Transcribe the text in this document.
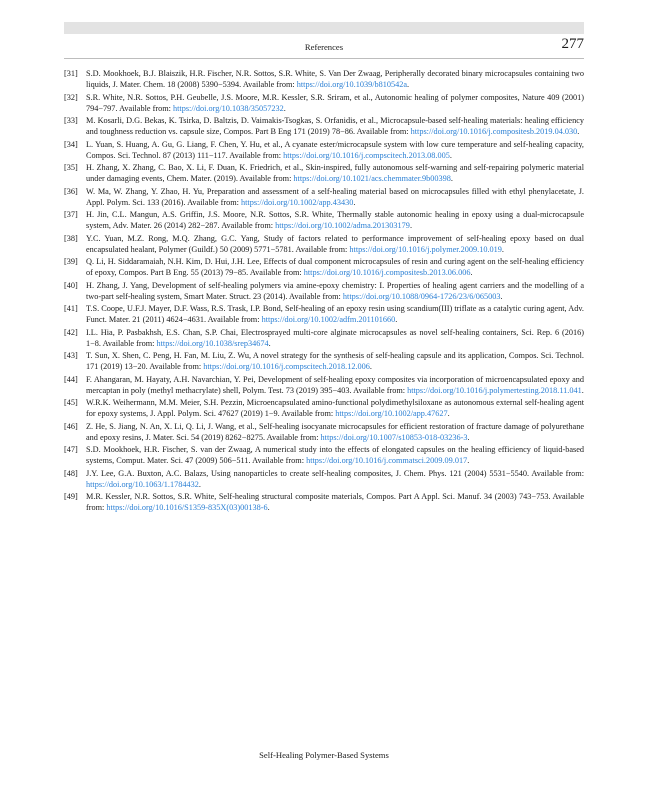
References	277
[31] S.D. Mookhoek, B.J. Blaiszik, H.R. Fischer, N.R. Sottos, S.R. White, S. Van Der Zwaag, Peripherally decorated binary microcapsules containing two liquids, J. Mater. Chem. 18 (2008) 5390−5394. Available from: https://doi.org/10.1039/b810542a.
[32] S.R. White, N.R. Sottos, P.H. Geubelle, J.S. Moore, M.R. Kessler, S.R. Sriram, et al., Autonomic healing of polymer composites, Nature 409 (2001) 794−797. Available from: https://doi.org/10.1038/35057232.
[33] M. Kosarli, D.G. Bekas, K. Tsirka, D. Baltzis, D. Vaimakis-Tsogkas, S. Orfanidis, et al., Microcapsule-based self-healing materials: healing efficiency and toughness reduction vs. capsule size, Compos. Part B Eng 171 (2019) 78−86. Available from: https://doi.org/10.1016/j.compositesb.2019.04.030.
[34] L. Yuan, S. Huang, A. Gu, G. Liang, F. Chen, Y. Hu, et al., A cyanate ester/microcapsule system with low cure temperature and self-healing capacity, Compos. Sci. Technol. 87 (2013) 111−117. Available from: https://doi.org/10.1016/j.compscitech.2013.08.005.
[35] H. Zhang, X. Zhang, C. Bao, X. Li, F. Duan, K. Friedrich, et al., Skin-inspired, fully autonomous self-warning and self-repairing polymeric material under damaging events, Chem. Mater. (2019). Available from: https://doi.org/10.1021/acs.chemmater.9b00398.
[36] W. Ma, W. Zhang, Y. Zhao, H. Yu, Preparation and assessment of a self-healing material based on microcapsules filled with ethyl phenylacetate, J. Appl. Polym. Sci. 133 (2016). Available from: https://doi.org/10.1002/app.43430.
[37] H. Jin, C.L. Mangun, A.S. Griffin, J.S. Moore, N.R. Sottos, S.R. White, Thermally stable autonomic healing in epoxy using a dual-microcapsule system, Adv. Mater. 26 (2014) 282−287. Available from: https://doi.org/10.1002/adma.201303179.
[38] Y.C. Yuan, M.Z. Rong, M.Q. Zhang, G.C. Yang, Study of factors related to performance improvement of self-healing epoxy based on dual encapsulated healant, Polymer (Guildf.) 50 (2009) 5771−5781. Available from: https://doi.org/10.1016/j.polymer.2009.10.019.
[39] Q. Li, H. Siddaramaiah, N.H. Kim, D. Hui, J.H. Lee, Effects of dual component microcapsules of resin and curing agent on the self-healing efficiency of epoxy, Compos. Part B Eng. 55 (2013) 79−85. Available from: https://doi.org/10.1016/j.compositesb.2013.06.006.
[40] H. Zhang, J. Yang, Development of self-healing polymers via amine-epoxy chemistry: I. Properties of healing agent carriers and the modelling of a two-part self-healing system, Smart Mater. Struct. 23 (2014). Available from: https://doi.org/10.1088/0964-1726/23/6/065003.
[41] T.S. Coope, U.F.J. Mayer, D.F. Wass, R.S. Trask, I.P. Bond, Self-healing of an epoxy resin using scandium(III) triflate as a catalytic curing agent, Adv. Funct. Mater. 21 (2011) 4624−4631. Available from: https://doi.org/10.1002/adfm.201101660.
[42] I.L. Hia, P. Pasbakhsh, E.S. Chan, S.P. Chai, Electrosprayed multi-core alginate microcapsules as novel self-healing containers, Sci. Rep. 6 (2016) 1−8. Available from: https://doi.org/10.1038/srep34674.
[43] T. Sun, X. Shen, C. Peng, H. Fan, M. Liu, Z. Wu, A novel strategy for the synthesis of self-healing capsule and its application, Compos. Sci. Technol. 171 (2019) 13−20. Available from: https://doi.org/10.1016/j.compscitech.2018.12.006.
[44] F. Ahangaran, M. Hayaty, A.H. Navarchian, Y. Pei, Development of self-healing epoxy composites via incorporation of microencapsulated epoxy and mercaptan in poly (methyl methacrylate) shell, Polym. Test. 73 (2019) 395−403. Available from: https://doi.org/10.1016/j.polymertesting.2018.11.041.
[45] W.R.K. Weihermann, M.M. Meier, S.H. Pezzin, Microencapsulated amino-functional polydimethylsiloxane as autonomous external self-healing agent for epoxy systems, J. Appl. Polym. Sci. 47627 (2019) 1−9. Available from: https://doi.org/10.1002/app.47627.
[46] Z. He, S. Jiang, N. An, X. Li, Q. Li, J. Wang, et al., Self-healing isocyanate microcapsules for efficient restoration of fracture damage of polyurethane and epoxy resins, J. Mater. Sci. 54 (2019) 8262−8275. Available from: https://doi.org/10.1007/s10853-018-03236-3.
[47] S.D. Mookhoek, H.R. Fischer, S. van der Zwaag, A numerical study into the effects of elongated capsules on the healing efficiency of liquid-based systems, Comput. Mater. Sci. 47 (2009) 506−511. Available from: https://doi.org/10.1016/j.commatsci.2009.09.017.
[48] J.Y. Lee, G.A. Buxton, A.C. Balazs, Using nanoparticles to create self-healing composites, J. Chem. Phys. 121 (2004) 5531−5540. Available from: https://doi.org/10.1063/1.1784432.
[49] M.R. Kessler, N.R. Sottos, S.R. White, Self-healing structural composite materials, Compos. Part A Appl. Sci. Manuf. 34 (2003) 743−753. Available from: https://doi.org/10.1016/S1359-835X(03)00138-6.
Self-Healing Polymer-Based Systems
